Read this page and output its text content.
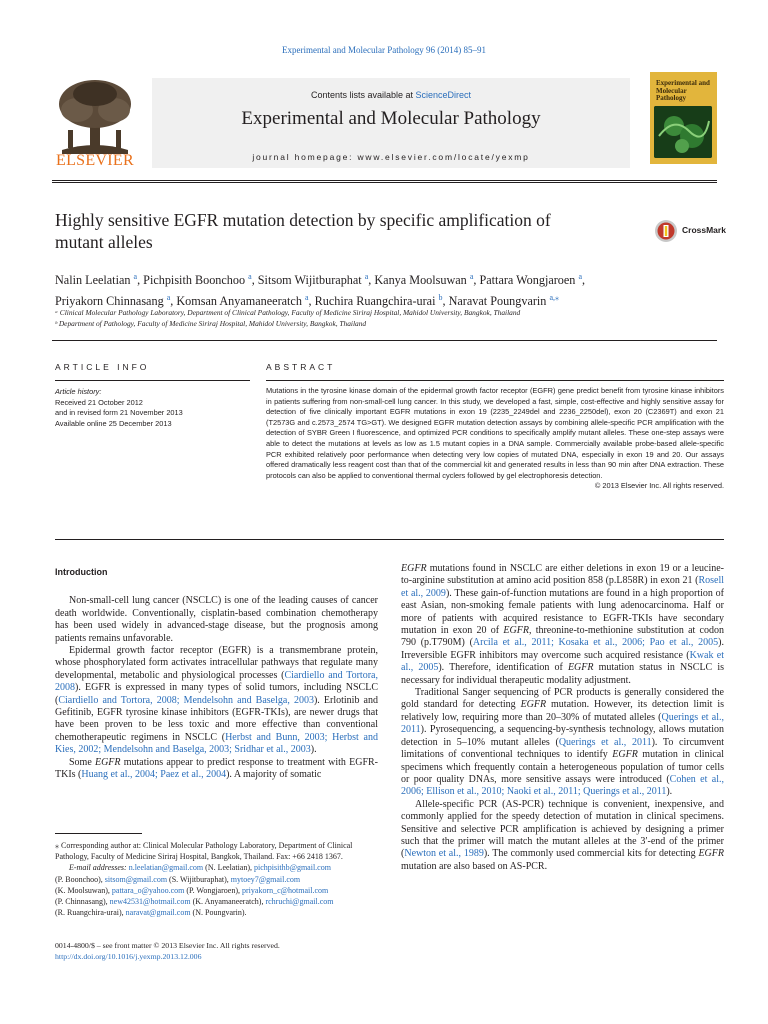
Experimental and Molecular Pathology 96 (2014) 85–91
ELSEVIER
Contents lists available at ScienceDirect
Experimental and Molecular Pathology
journal homepage: www.elsevier.com/locate/yexmp
Experimental and Molecular Pathology
Highly sensitive EGFR mutation detection by specific amplification of
mutant alleles
CrossMark
Nalin Leelatian $^a$, Pichpisith Boonchoo $^a$, Sitsom Wijitburaphat $^a$, Kanya Moolsuwan $^a$, Pattara Wongjaroen $^a$,
Priyakorn Chinnasang $^a$, Komsan Anyamaneeratch $^a$, Ruchira Ruangchira-urai $^b$, Naravat Poungvarin $^{a,⁎}$
ᵃ Clinical Molecular Pathology Laboratory, Department of Clinical Pathology, Faculty of Medicine Siriraj Hospital, Mahidol University, Bangkok, Thailand
ᵇ Department of Pathology, Faculty of Medicine Siriraj Hospital, Mahidol University, Bangkok, Thailand
ARTICLE INFO	ABSTRACT
Article history:
Received 21 October 2012
and in revised form 21 November 2013
Available online 25 December 2013
Mutations in the tyrosine kinase domain of the epidermal growth factor receptor (EGFR) gene predict benefit from tyrosine kinase inhibitors in patients suffering from non-small-cell lung cancer. In this study, we developed a fast, simple, cost-effective and highly sensitive assay for detection of five clinically important EGFR mutations in exon 19 (2235_2249del and 2236_2250del), exon 20 (C2369T) and exon 21 (T2573G and c.2573_2574 TG>GT). We designed EGFR mutation detection assays by combining allele-specific PCR amplification with the detection of SYBR Green I fluorescence, and optimized PCR conditions to specifically amplify mutant alleles. These one-step assays were able to detect the mutations at levels as low as 1.5 mutant copies in a DNA sample. Commercially available probe-based allele-specific PCR exhibited relatively poor performance when detecting very low copies of mutated DNA, especially in exon 19 and 20. Our assays offered dramatically less reagent cost than that of the commercial kit and generated results in less than 90 min after DNA extraction. These protocols can also be applied to conventional thermal cyclers followed by gel electrophoresis detection.
© 2013 Elsevier Inc. All rights reserved.
Introduction

Non-small-cell lung cancer (NSCLC) is one of the leading causes of cancer death worldwide. Conventionally, cisplatin-based combination chemotherapy has been used widely in advanced-stage disease, but the prognosis among patients remains unfavorable.

Epidermal growth factor receptor (EGFR) is a transmembrane protein, whose phosphorylated form activates intracellular pathways that regulate many developmental, metabolic and physiological processes (Ciardiello and Tortora, 2008). EGFR is expressed in many types of solid tumors, including NSCLC (Ciardiello and Tortora, 2008; Mendelsohn and Baselga, 2003). Erlotinib and Gefitinib, EGFR tyrosine kinase inhibitors (EGFR-TKIs), are newer drugs that have been proven to be less toxic and more effective than conventional chemotherapeutic regimens in NSCLC (Herbst and Bunn, 2003; Herbst and Kies, 2002; Mendelsohn and Baselga, 2003; Sridhar et al., 2003).

Some EGFR mutations appear to predict response to treatment with EGFR-TKIs (Huang et al., 2004; Paez et al., 2004). A majority of somatic

EGFR mutations found in NSCLC are either deletions in exon 19 or a leucine-to-arginine substitution at amino acid position 858 (p.L858R) in exon 21 (Rosell et al., 2009). These gain-of-function mutations are found in a high proportion of east Asian, non-smoking female patients with lung adenocarcinoma. Half or more of patients with acquired resistance to EGFR-TKIs have secondary mutation in exon 20 of EGFR, threonine-to-methionine substitution at codon 790 (p.T790M) (Arcila et al., 2011; Kosaka et al., 2006; Pao et al., 2005). Irreversible EGFR inhibitors may overcome such acquired resistance (Kwak et al., 2005). Therefore, identification of EGFR mutation status in NSCLC is necessary for individual therapeutic modality adjustment.

Traditional Sanger sequencing of PCR products is generally considered the gold standard for detecting EGFR mutation. However, its detection limit is relatively low, requiring more than 20–30% of mutated alleles (Querings et al., 2011). Pyrosequencing, a sequencing-by-synthesis technology, allows mutation detection in 5–10% mutant alleles (Querings et al., 2011). To circumvent limitations of conventional techniques to identify EGFR mutation in clinical specimens which frequently contain a heterogeneous population of tumor cells or poor quality DNAs, more sensitive assays were introduced (Cohen et al., 2006; Ellison et al., 2010; Naoki et al., 2011; Querings et al., 2011).

Allele-specific PCR (AS-PCR) technique is convenient, inexpensive, and commonly applied for the speedy detection of mutation in clinical specimens. Sensitive and selective PCR amplification is achieved by designing a primer such that the primer will match the mutant alleles at the 3′-end of the primer (Newton et al., 1989). The commonly used commercial kits for detecting EGFR mutation are also based on AS-PCR.

⁎ Corresponding author at: Clinical Molecular Pathology Laboratory, Department of Clinical Pathology, Faculty of Medicine Siriraj Hospital, Bangkok, Thailand. Fax: +66 2418 1367.

E-mail addresses: n.leelatian@gmail.com (N. Leelatian), pichpisithb@gmail.com

(P. Boonchoo), sitsom@gmail.com (S. Wijitburaphat), mytoey7@gmail.com

(K. Moolsuwan), pattara_o@yahoo.com (P. Wongjaroen), priyakorn_c@hotmail.com

(P. Chinnasang), new42531@hotmail.com (K. Anyamaneeratch), rchruchi@gmail.com

(R. Ruangchira-urai), naravat@gmail.com (N. Poungvarin).

0014-4800/$ – see front matter © 2013 Elsevier Inc. All rights reserved.

http://dx.doi.org/10.1016/j.yexmp.2013.12.006
